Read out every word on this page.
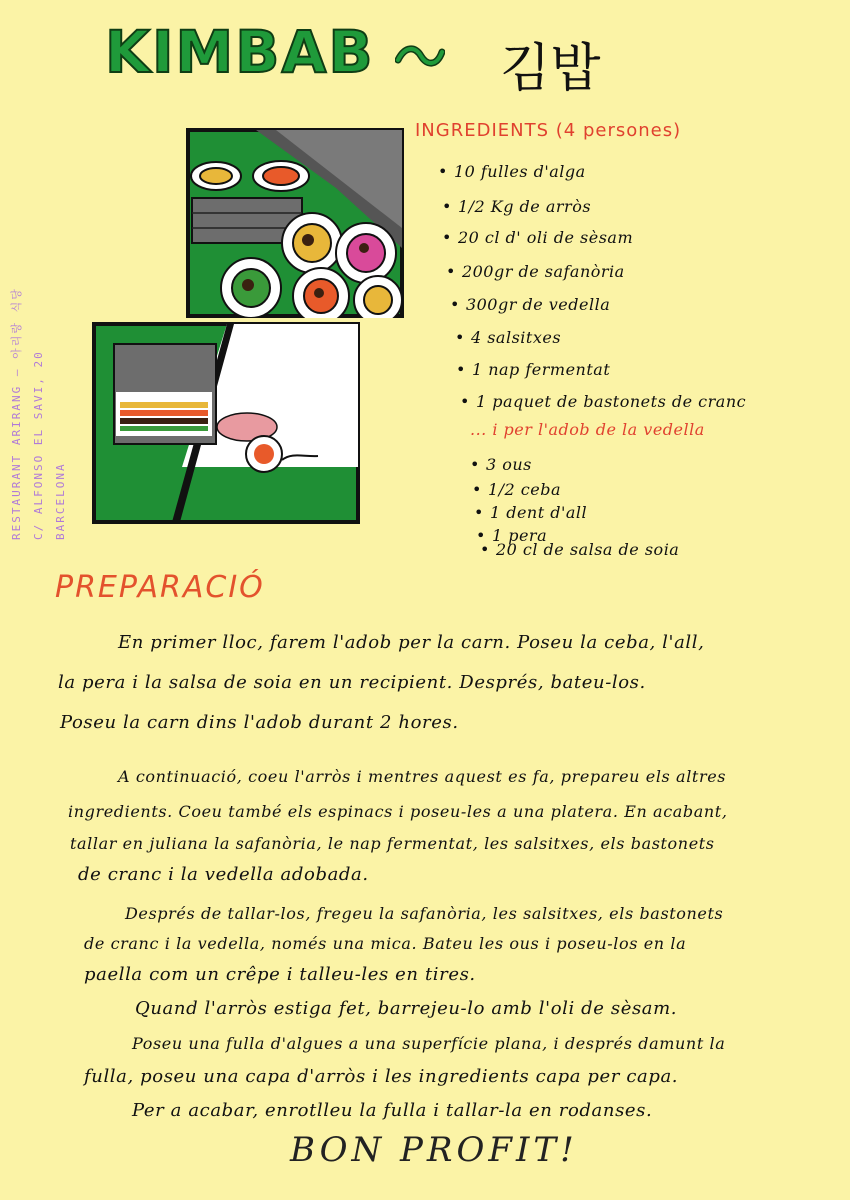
KIMBAB 김밥
RESTAURANT ARIRANG – 아리랑 식당 C/ ALFONSO EL SAVI, 20 BARCELONA
INGREDIENTS (4 persones)
• 10 fulles d'alga
• 1/2 Kg de arròs
• 20 cl d' oli de sèsam
• 200gr de safanòria
• 300gr de vedella
• 4 salsitxes
• 1 nap fermentat
• 1 paquet de bastonets de cranc
... i per l'adob de la vedella
• 3 ous
• 1/2 ceba
• 1 dent d'all
• 1 pera
• 20 cl de salsa de soia
PREPARACIÓ
En primer lloc, farem l'adob per la carn. Poseu la ceba, l'all,
la pera i la salsa de soia en un recipient. Després, bateu-los.
Poseu la carn dins l'adob durant 2 hores.
A continuació, coeu l'arròs i mentres aquest es fa, prepareu els altres
ingredients. Coeu també els espinacs i poseu-les a una platera. En acabant,
tallar en juliana la safanòria, le nap fermentat, les salsitxes, els bastonets
de cranc i la vedella adobada.
Després de tallar-los, fregeu la safanòria, les salsitxes, els bastonets
de cranc i la vedella, només una mica. Bateu les ous i poseu-los en la
paella com un crêpe i talleu-les en tires.
Quand l'arròs estiga fet, barrejeu-lo amb l'oli de sèsam.
Poseu una fulla d'algues a una superfície plana, i després damunt la
fulla, poseu una capa d'arròs i les ingredients capa per capa.
Per a acabar, enrotlleu la fulla i tallar-la en rodanses.
BON PROFIT!
